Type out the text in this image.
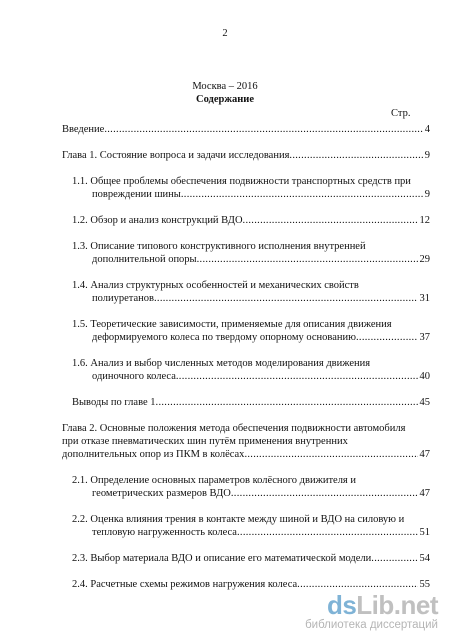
2
Москва – 2016
Содержание
Стр.
Введение .....	4
Глава 1. Состояние вопроса и задачи исследования .....	9
1.1. Общее проблемы обеспечения подвижности транспортных средств при
повреждении шины .....	9
1.2. Обзор и анализ конструкций ВДО .....	12
1.3. Описание типового конструктивного исполнения внутренней
дополнительной опоры .....	29
1.4. Анализ структурных особенностей и механических свойств
полиуретанов .....	31
1.5. Теоретические зависимости, применяемые для описания движения
деформируемого колеса по твердому опорному основанию .....	37
1.6. Анализ и выбор численных методов моделирования движения
одиночного колеса .....	40
Выводы по главе 1 .....	45
Глава 2. Основные положения метода обеспечения подвижности автомобиля
при отказе пневматических шин путём применения внутренних
дополнительных опор из ПКМ в колёсах .....	47
2.1. Определение основных параметров колёсного движителя и
геометрических размеров ВДО .....	47
2.2. Оценка влияния трения в контакте между шиной и ВДО на силовую и
тепловую нагруженность колеса .....	51
2.3. Выбор материала ВДО и описание его математической модели .....	54
2.4. Расчетные схемы режимов нагружения колеса .....	55
dsLib.net
библиотека диссертаций
